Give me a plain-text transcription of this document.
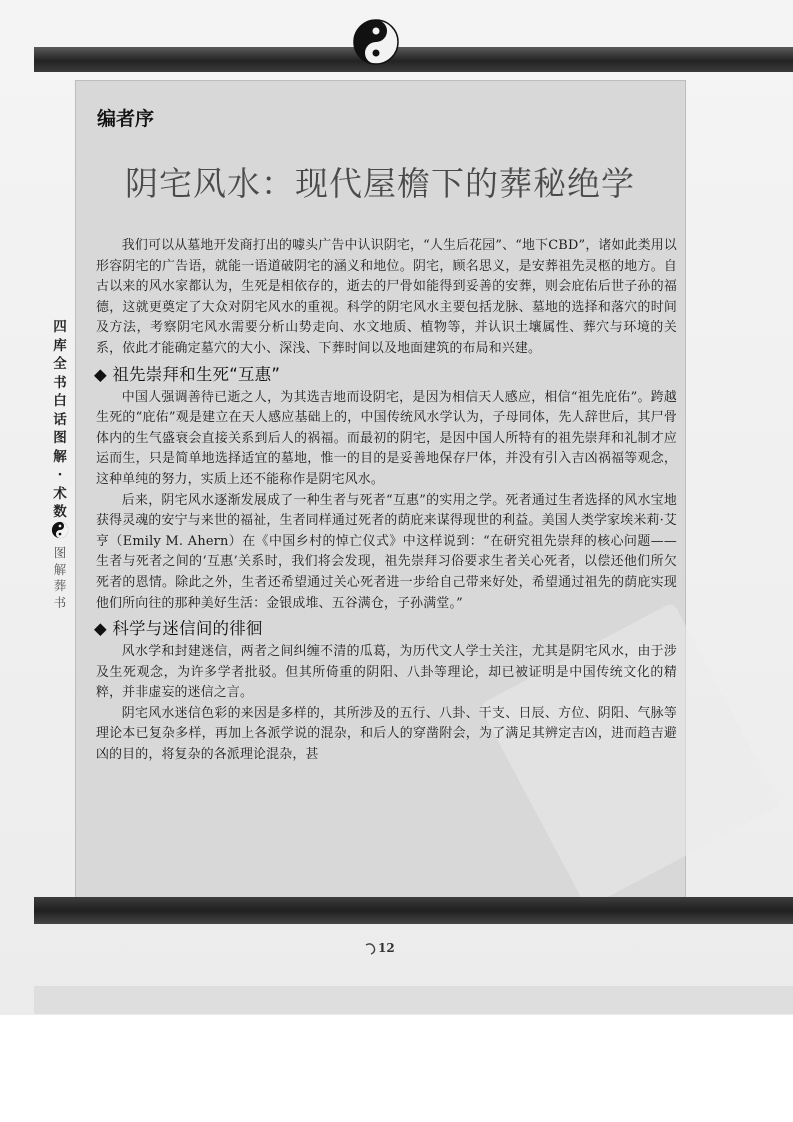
四
库
全
书
白
话
图
解
·
术
数
图
解
葬
书
编者序
阴宅风水：现代屋檐下的葬秘绝学

我们可以从墓地开发商打出的噱头广告中认识阴宅，“人生后花园”、“地下CBD”，诸如此类用以形容阴宅的广告语，就能一语道破阴宅的涵义和地位。阴宅，顾名思义，是安葬祖先灵柩的地方。自古以来的风水家都认为，生死是相依存的，逝去的尸骨如能得到妥善的安葬，则会庇佑后世子孙的福德，这就更奠定了大众对阴宅风水的重视。科学的阴宅风水主要包括龙脉、墓地的选择和落穴的时间及方法，考察阴宅风水需要分析山势走向、水文地质、植物等，并认识土壤属性、葬穴与环境的关系，依此才能确定墓穴的大小、深浅、下葬时间以及地面建筑的布局和兴建。

◆ 祖先崇拜和生死“互惠”

中国人强调善待已逝之人，为其选吉地而设阴宅，是因为相信天人感应，相信“祖先庇佑”。跨越生死的“庇佑”观是建立在天人感应基础上的，中国传统风水学认为，子母同体，先人辞世后，其尸骨体内的生气盛衰会直接关系到后人的祸福。而最初的阴宅，是因中国人所特有的祖先崇拜和礼制才应运而生，只是简单地选择适宜的墓地，惟一的目的是妥善地保存尸体，并没有引入吉凶祸福等观念，这种单纯的努力，实质上还不能称作是阴宅风水。

后来，阴宅风水逐渐发展成了一种生者与死者“互惠”的实用之学。死者通过生者选择的风水宝地获得灵魂的安宁与来世的福祉，生者同样通过死者的荫庇来谋得现世的利益。美国人类学家埃米莉·艾亨（Emily M. Ahern）在《中国乡村的悼亡仪式》中这样说到：“在研究祖先崇拜的核心问题——生者与死者之间的‘互惠’关系时，我们将会发现，祖先崇拜习俗要求生者关心死者，以偿还他们所欠死者的恩情。除此之外，生者还希望通过关心死者进一步给自己带来好处，希望通过祖先的荫庇实现他们所向往的那种美好生活：金银成堆、五谷满仓，子孙满堂。”

◆ 科学与迷信间的徘徊

风水学和封建迷信，两者之间纠缠不清的瓜葛，为历代文人学士关注，尤其是阴宅风水，由于涉及生死观念，为许多学者批驳。但其所倚重的阴阳、八卦等理论，却已被证明是中国传统文化的精粹，并非虚妄的迷信之言。

阴宅风水迷信色彩的来因是多样的，其所涉及的五行、八卦、干支、日辰、方位、阴阳、气脉等理论本已复杂多样，再加上各派学说的混杂，和后人的穿凿附会，为了满足其辨定吉凶，进而趋吉避凶的目的，将复杂的各派理论混杂，甚

12
